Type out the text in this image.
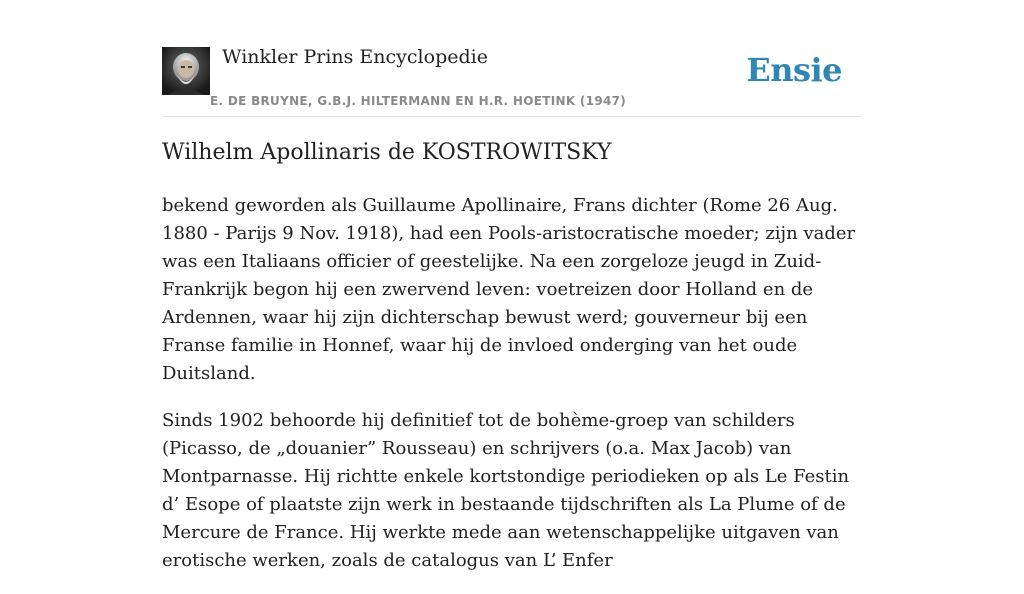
Winkler Prins Encyclopedie
E. DE BRUYNE, G.B.J. HILTERMANN EN H.R. HOETINK (1947)
Ensie
Wilhelm Apollinaris de KOSTROWITSKY

bekend geworden als Guillaume Apollinaire, Frans dichter (Rome 26 Aug. 1880 - Parijs 9 Nov. 1918), had een Pools-aristocratische moeder; zijn vader was een Italiaans officier of geestelijke. Na een zorgeloze jeugd in Zuid-Frankrijk begon hij een zwervend leven: voetreizen door Holland en de Ardennen, waar hij zijn dichterschap bewust werd; gouverneur bij een Franse familie in Honnef, waar hij de invloed onderging van het oude Duitsland.

Sinds 1902 behoorde hij definitief tot de bohème-groep van schilders (Picasso, de „douanier” Rousseau) en schrijvers (o.a. Max Jacob) van Montparnasse. Hij richtte enkele kortstondige periodieken op als Le Festin d’ Esope of plaatste zijn werk in bestaande tijdschriften als La Plume of de Mercure de France. Hij werkte mede aan wetenschappelijke uitgaven van erotische werken, zoals de catalogus van L’ Enfer
